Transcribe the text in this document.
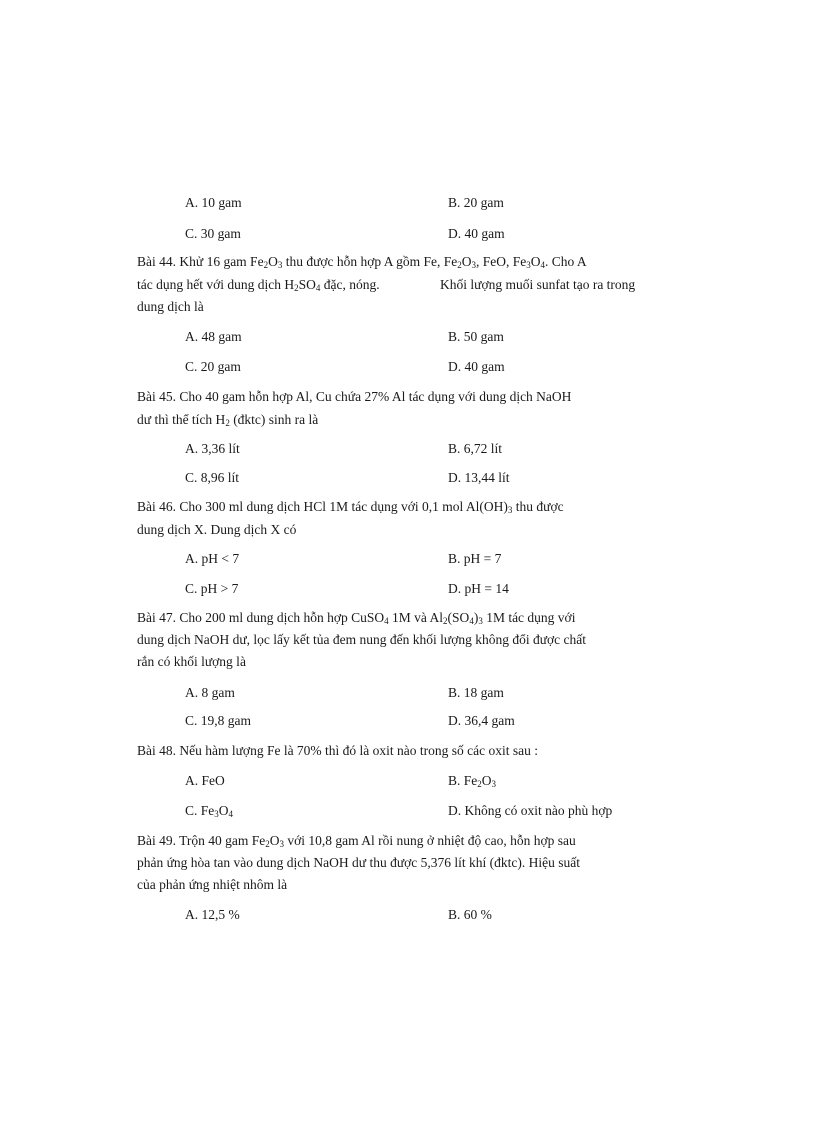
A. 10 gam	B. 20 gam
C. 30 gam	D. 40 gam
Bài 44. Khử 16 gam $Fe_2O_3$ thu được hỗn hợp A gồm Fe, $Fe_2O_3$, FeO, $Fe_3O_4$. Cho A
tác dụng hết với dung dịch $H_2SO_4$ đặc, nóng.	Khối lượng muối sunfat tạo ra trong
dung dịch là
A. 48 gam	B. 50 gam
C. 20 gam	D. 40 gam
Bài 45. Cho 40 gam hỗn hợp Al, Cu chứa 27% Al tác dụng với dung dịch NaOH
dư thì thể tích $H_2$ (đktc) sinh ra là
A. 3,36 lít	B. 6,72 lít
C. 8,96 lít	D. 13,44 lít
Bài 46. Cho 300 ml dung dịch HCl 1M tác dụng với 0,1 mol $Al(OH)_3$ thu được
dung dịch X. Dung dịch X có
A. pH < 7	B. pH = 7
C. pH > 7	D. pH = 14
Bài 47. Cho 200 ml dung dịch hỗn hợp CuSO$_4$ 1M và $Al_2(SO_4)_3$ 1M tác dụng với
dung dịch NaOH dư, lọc lấy kết tủa đem nung đến khối lượng không đổi được chất
rắn có khối lượng là
A. 8 gam	B. 18 gam
C. 19,8 gam	D. 36,4 gam
Bài 48. Nếu hàm lượng Fe là 70% thì đó là oxit nào trong số các oxit sau :
A. FeO	B. $Fe_2O_3$
C. $Fe_3O_4$	D. Không có oxit nào phù hợp
Bài 49. Trộn 40 gam $Fe_2O_3$ với 10,8 gam Al rồi nung ở nhiệt độ cao, hỗn hợp sau
phản ứng hòa tan vào dung dịch NaOH dư thu được 5,376 lít khí (đktc). Hiệu suất
của phản ứng nhiệt nhôm là
A. 12,5 %	B. 60 %
